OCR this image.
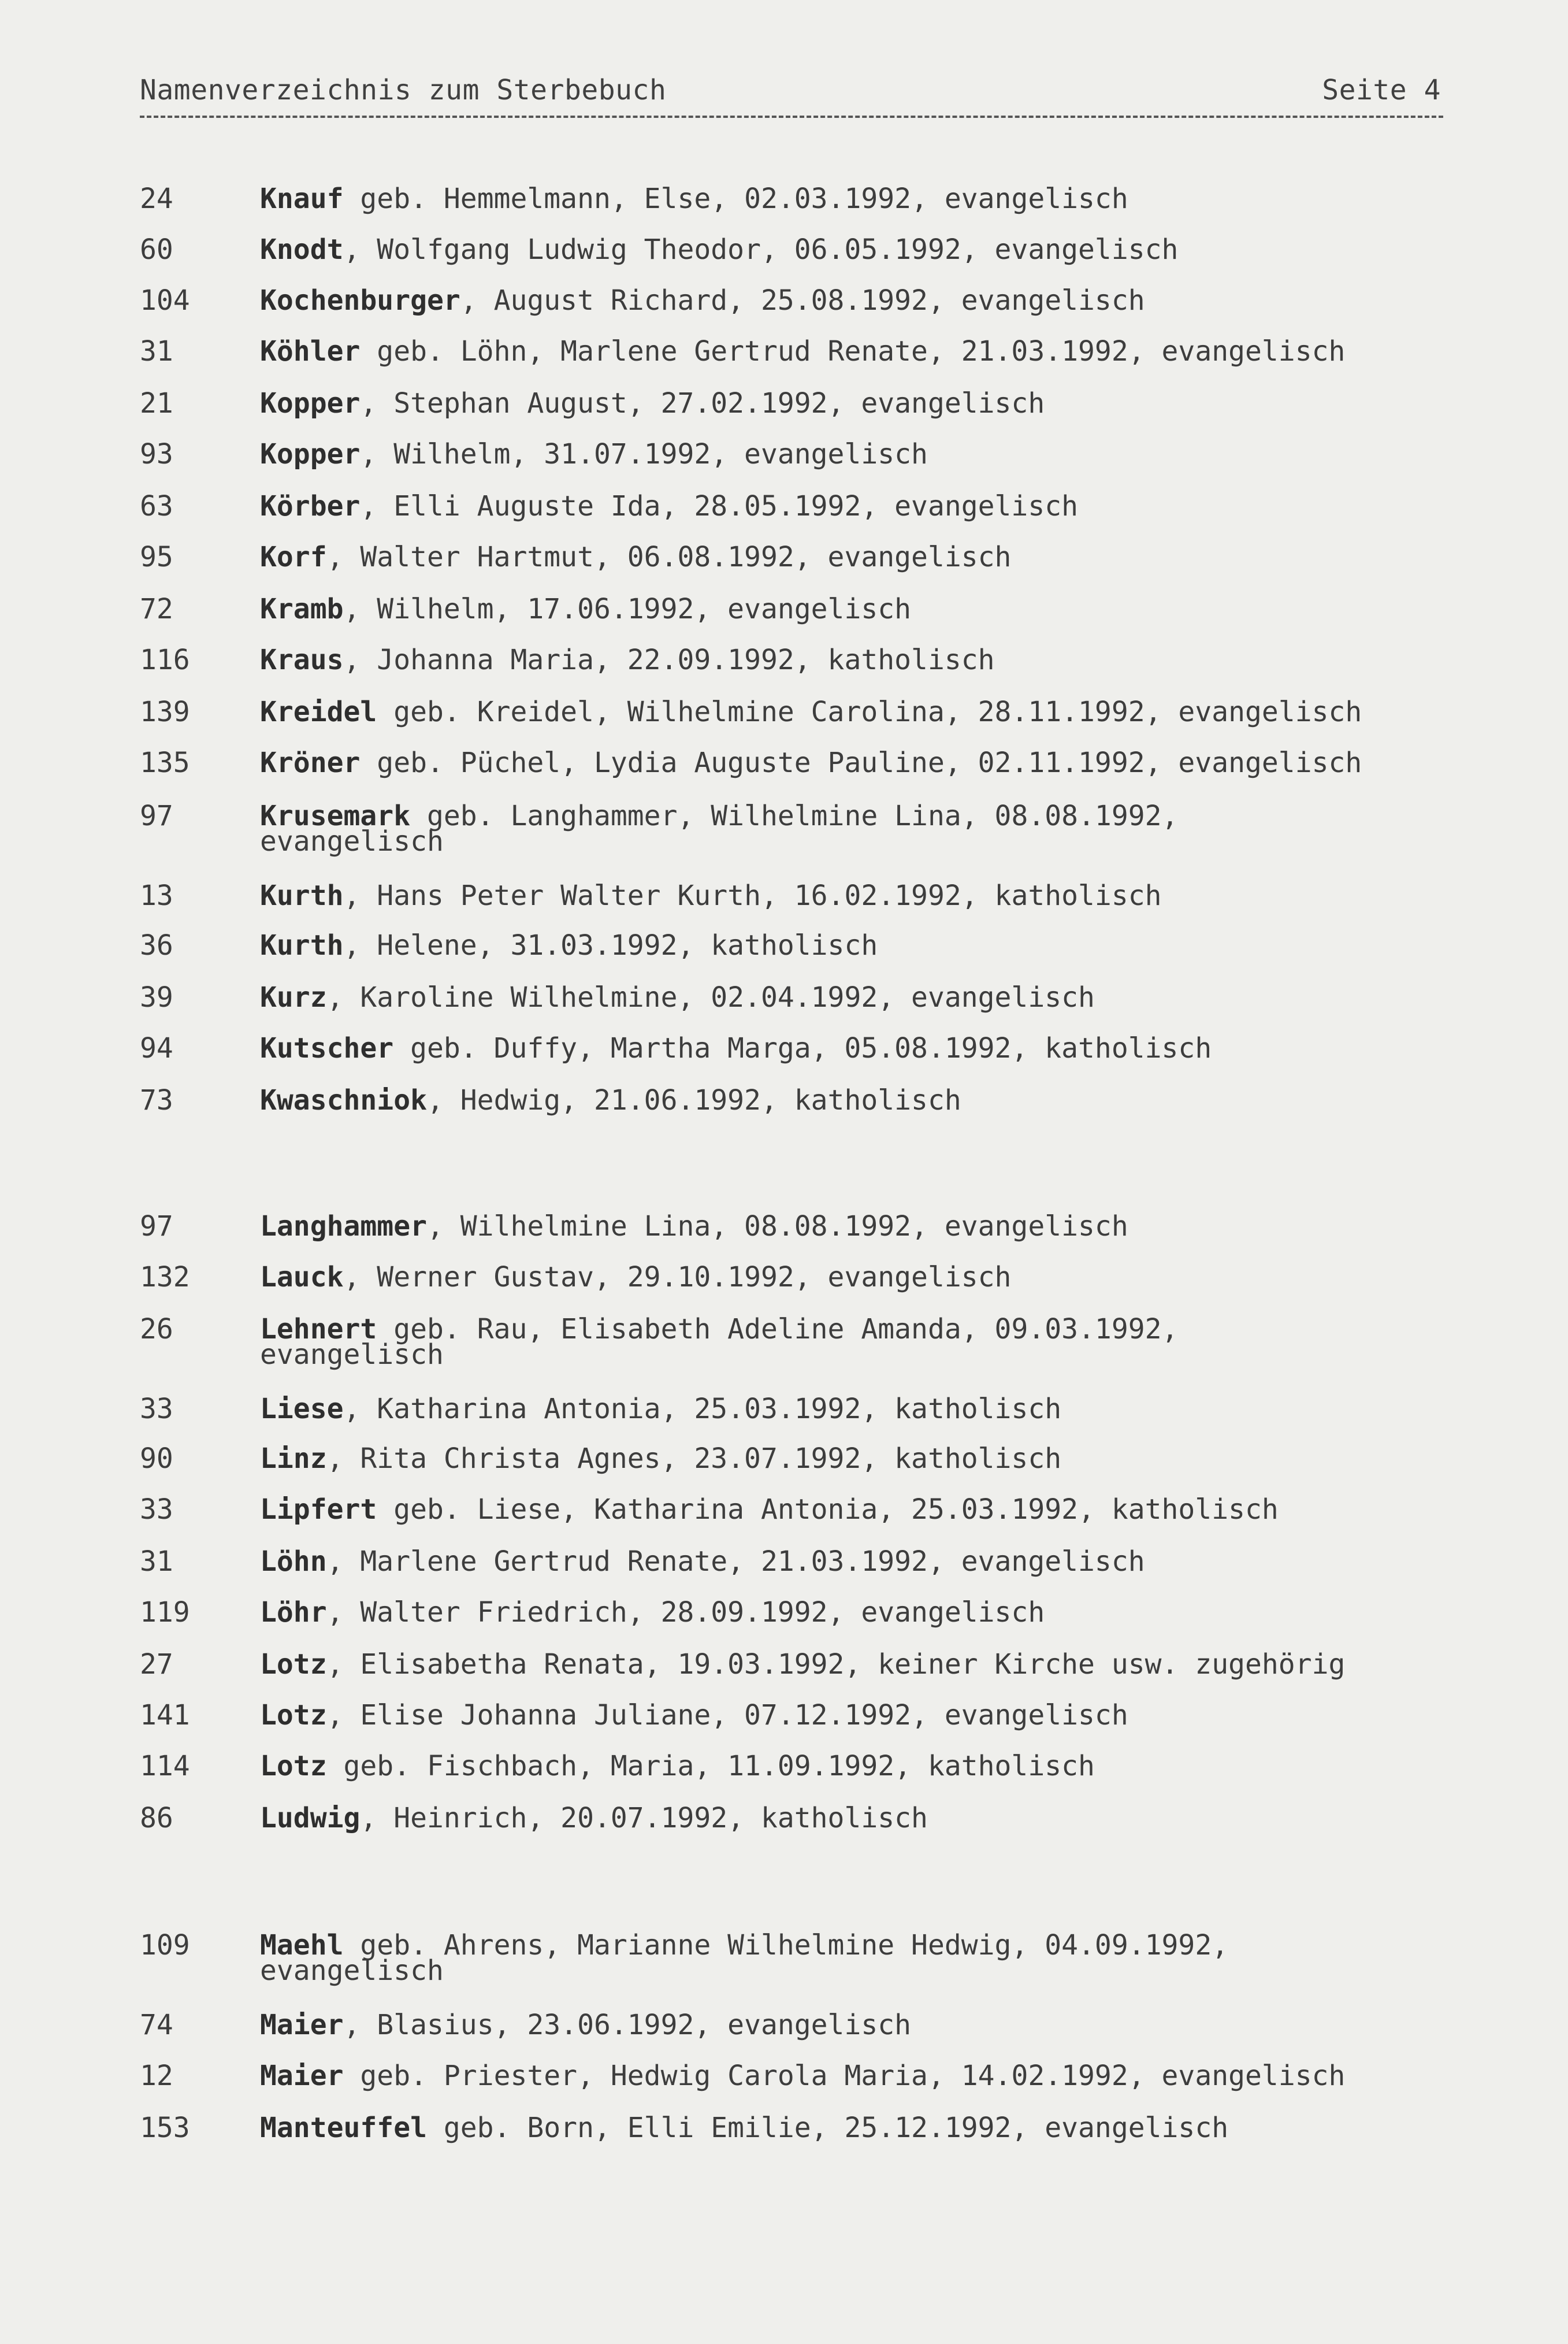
Namenverzeichnis zum Sterbebuch	Seite 4
24	Knauf geb. Hemmelmann, Else, 02.03.1992, evangelisch
60	Knodt, Wolfgang Ludwig Theodor, 06.05.1992, evangelisch
104	Kochenburger, August Richard, 25.08.1992, evangelisch
31	Köhler geb. Löhn, Marlene Gertrud Renate, 21.03.1992, evangelisch
21	Kopper, Stephan August, 27.02.1992, evangelisch
93	Kopper, Wilhelm, 31.07.1992, evangelisch
63	Körber, Elli Auguste Ida, 28.05.1992, evangelisch
95	Korf, Walter Hartmut, 06.08.1992, evangelisch
72	Kramb, Wilhelm, 17.06.1992, evangelisch
116	Kraus, Johanna Maria, 22.09.1992, katholisch
139	Kreidel geb. Kreidel, Wilhelmine Carolina, 28.11.1992, evangelisch
135	Kröner geb. Püchel, Lydia Auguste Pauline, 02.11.1992, evangelisch
97	Krusemark geb. Langhammer, Wilhelmine Lina, 08.08.1992,
evangelisch
13	Kurth, Hans Peter Walter Kurth, 16.02.1992, katholisch
36	Kurth, Helene, 31.03.1992, katholisch
39	Kurz, Karoline Wilhelmine, 02.04.1992, evangelisch
94	Kutscher geb. Duffy, Martha Marga, 05.08.1992, katholisch
73	Kwaschniok, Hedwig, 21.06.1992, katholisch
97	Langhammer, Wilhelmine Lina, 08.08.1992, evangelisch
132	Lauck, Werner Gustav, 29.10.1992, evangelisch
26	Lehnert geb. Rau, Elisabeth Adeline Amanda, 09.03.1992,
evangelisch
33	Liese, Katharina Antonia, 25.03.1992, katholisch
90	Linz, Rita Christa Agnes, 23.07.1992, katholisch
33	Lipfert geb. Liese, Katharina Antonia, 25.03.1992, katholisch
31	Löhn, Marlene Gertrud Renate, 21.03.1992, evangelisch
119	Löhr, Walter Friedrich, 28.09.1992, evangelisch
27	Lotz, Elisabetha Renata, 19.03.1992, keiner Kirche usw. zugehörig
141	Lotz, Elise Johanna Juliane, 07.12.1992, evangelisch
114	Lotz geb. Fischbach, Maria, 11.09.1992, katholisch
86	Ludwig, Heinrich, 20.07.1992, katholisch
109	Maehl geb. Ahrens, Marianne Wilhelmine Hedwig, 04.09.1992,
evangelisch
74	Maier, Blasius, 23.06.1992, evangelisch
12	Maier geb. Priester, Hedwig Carola Maria, 14.02.1992, evangelisch
153	Manteuffel geb. Born, Elli Emilie, 25.12.1992, evangelisch
